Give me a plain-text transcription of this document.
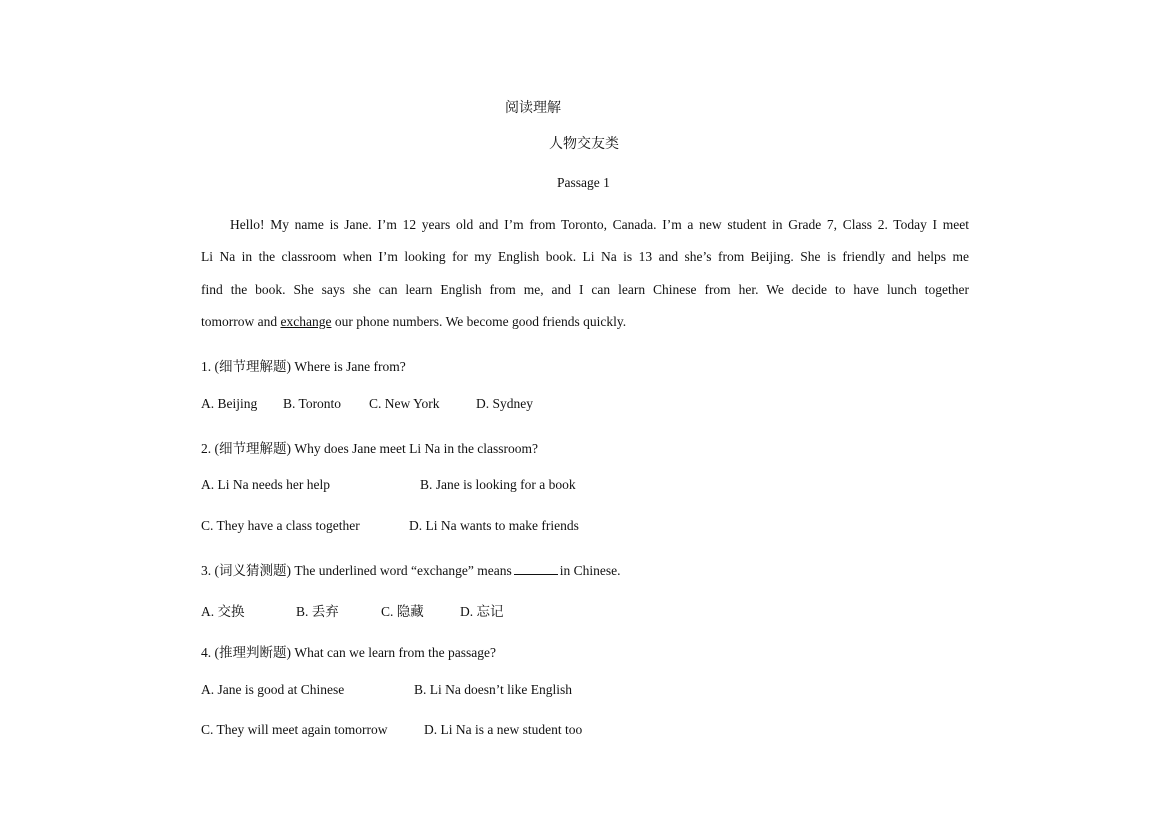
阅读理解
人物交友类
Passage 1
Hello! My name is Jane. I’m 12 years old and I’m from Toronto, Canada. I’m a new student in Grade 7, Class 2. Today I meet
Li Na in the classroom when I’m looking for my English book. Li Na is 13 and she’s from Beijing. She is friendly and helps me
find the book. She says she can learn English from me, and I can learn Chinese from her. We decide to have lunch together
tomorrow and exchange our phone numbers. We become good friends quickly.
1. (细节理解题) Where is Jane from?
A. Beijing B. Toronto C. New York	D. Sydney
2. (细节理解题) Why does Jane meet Li Na in the classroom?
A. Li Na needs her help	B. Jane is looking for a book
C. They have a class together	D. Li Na wants to make friends
3. (词义猜测题) The underlined word “exchange” means	in Chinese.
A. 交换	B. 丢弃	C. 隐藏	D. 忘记
4. (推理判断题) What can we learn from the passage?
A. Jane is good at Chinese	B. Li Na doesn’t like English
C. They will meet again tomorrow	D. Li Na is a new student too
